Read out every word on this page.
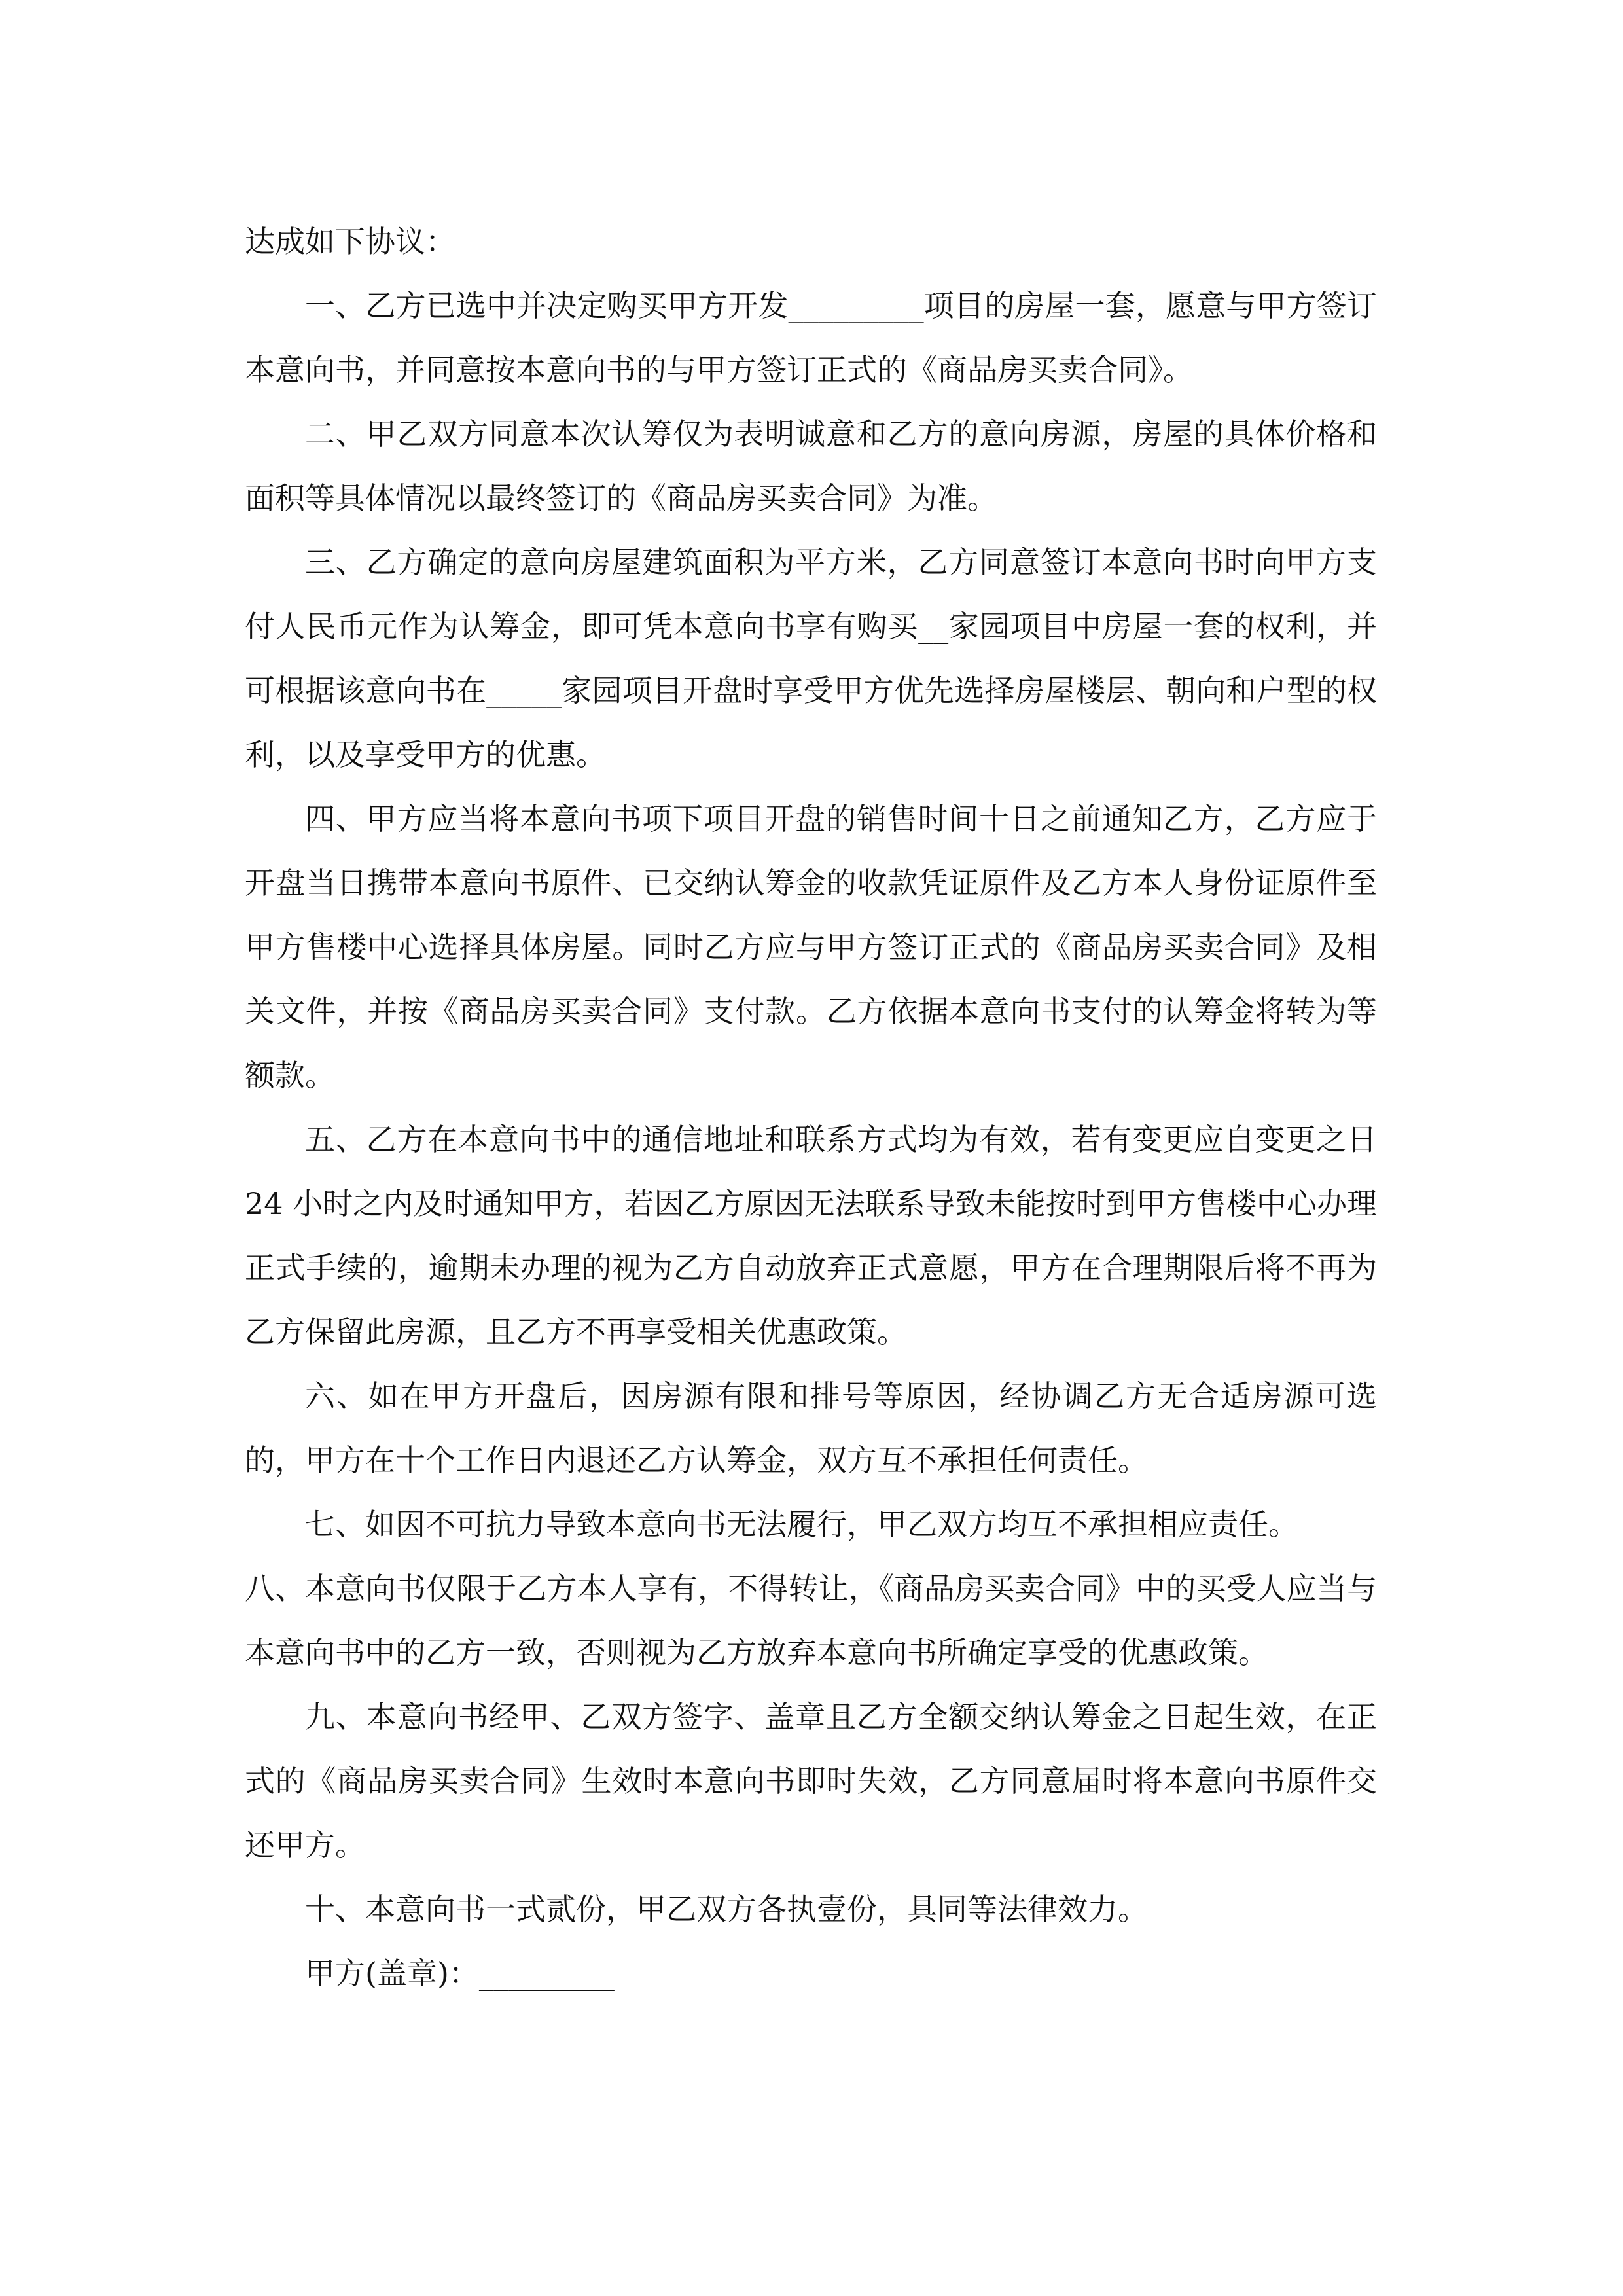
达成如下协议：

一、乙方已选中并决定购买甲方开发_________项目的房屋一套，愿意与甲方签订本意向书，并同意按本意向书的与甲方签订正式的《商品房买卖合同》。

二、甲乙双方同意本次认筹仅为表明诚意和乙方的意向房源，房屋的具体价格和面积等具体情况以最终签订的《商品房买卖合同》为准。

三、乙方确定的意向房屋建筑面积为平方米，乙方同意签订本意向书时向甲方支付人民币元作为认筹金，即可凭本意向书享有购买__家园项目中房屋一套的权利，并可根据该意向书在_____家园项目开盘时享受甲方优先选择房屋楼层、朝向和户型的权利，以及享受甲方的优惠。

四、甲方应当将本意向书项下项目开盘的销售时间十日之前通知乙方，乙方应于开盘当日携带本意向书原件、已交纳认筹金的收款凭证原件及乙方本人身份证原件至甲方售楼中心选择具体房屋。同时乙方应与甲方签订正式的《商品房买卖合同》及相关文件，并按《商品房买卖合同》支付款。乙方依据本意向书支付的认筹金将转为等额款。

五、乙方在本意向书中的通信地址和联系方式均为有效，若有变更应自变更之日 24 小时之内及时通知甲方，若因乙方原因无法联系导致未能按时到甲方售楼中心办理正式手续的，逾期未办理的视为乙方自动放弃正式意愿，甲方在合理期限后将不再为乙方保留此房源，且乙方不再享受相关优惠政策。

六、如在甲方开盘后，因房源有限和排号等原因，经协调乙方无合适房源可选的，甲方在十个工作日内退还乙方认筹金，双方互不承担任何责任。

七、如因不可抗力导致本意向书无法履行，甲乙双方均互不承担相应责任。

八、本意向书仅限于乙方本人享有，不得转让，《商品房买卖合同》中的买受人应当与本意向书中的乙方一致，否则视为乙方放弃本意向书所确定享受的优惠政策。

九、本意向书经甲、乙双方签字、盖章且乙方全额交纳认筹金之日起生效，在正式的《商品房买卖合同》生效时本意向书即时失效，乙方同意届时将本意向书原件交还甲方。

十、本意向书一式贰份，甲乙双方各执壹份，具同等法律效力。

甲方(盖章)：_________
